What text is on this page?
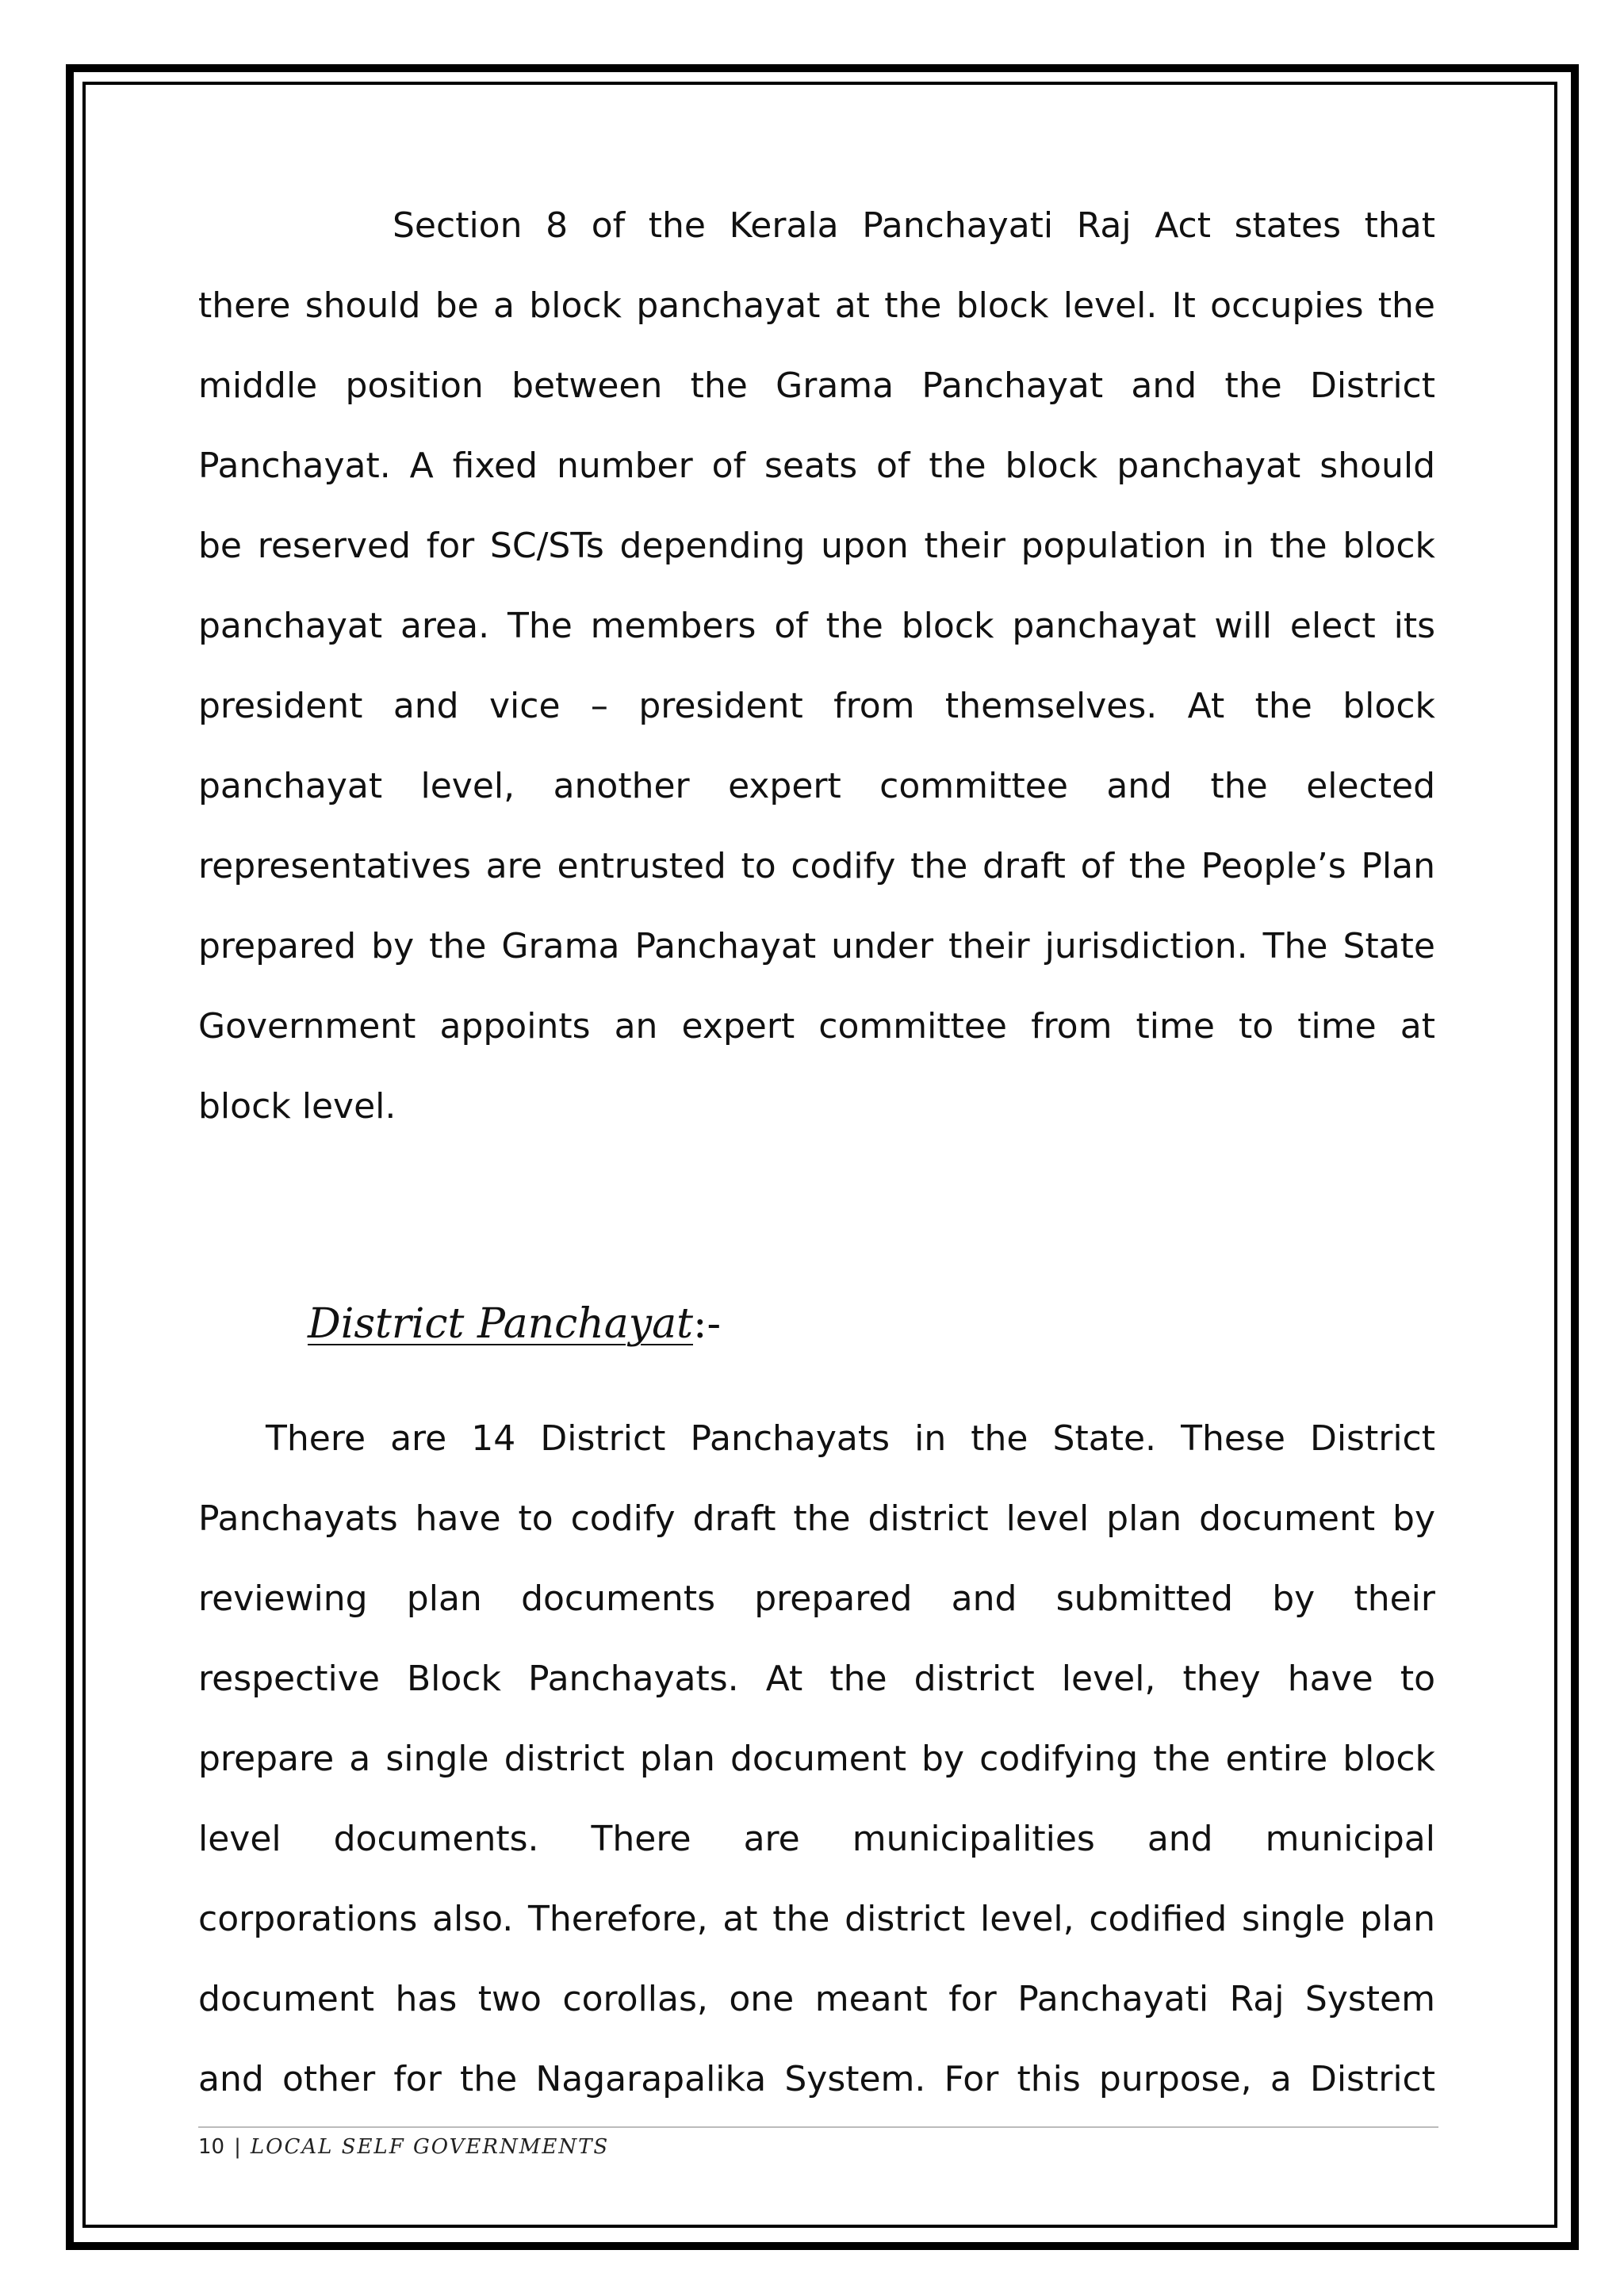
Section 8 of the Kerala Panchayati Raj Act states that
there should be a block panchayat at the block level. It occupies the
middle position between the Grama Panchayat and the District
Panchayat. A fixed number of seats of the block panchayat should
be reserved for SC/STs depending upon their population in the block
panchayat area. The members of the block panchayat will elect its
president and vice – president from themselves. At the block
panchayat level, another expert committee and the elected
representatives are entrusted to codify the draft of the People’s Plan
prepared by the Grama Panchayat under their jurisdiction. The State
Government appoints an expert committee from time to time at
block level.
District Panchayat:-
There are 14 District Panchayats in the State. These District
Panchayats have to codify draft the district level plan document by
reviewing plan documents prepared and submitted by their
respective Block Panchayats. At the district level, they have to
prepare a single district plan document by codifying the entire block
level documents. There are municipalities and municipal
corporations also. Therefore, at the district level, codified single plan
document has two corollas, one meant for Panchayati Raj System
and other for the Nagarapalika System. For this purpose, a District
10 | LOCAL SELF GOVERNMENTS
